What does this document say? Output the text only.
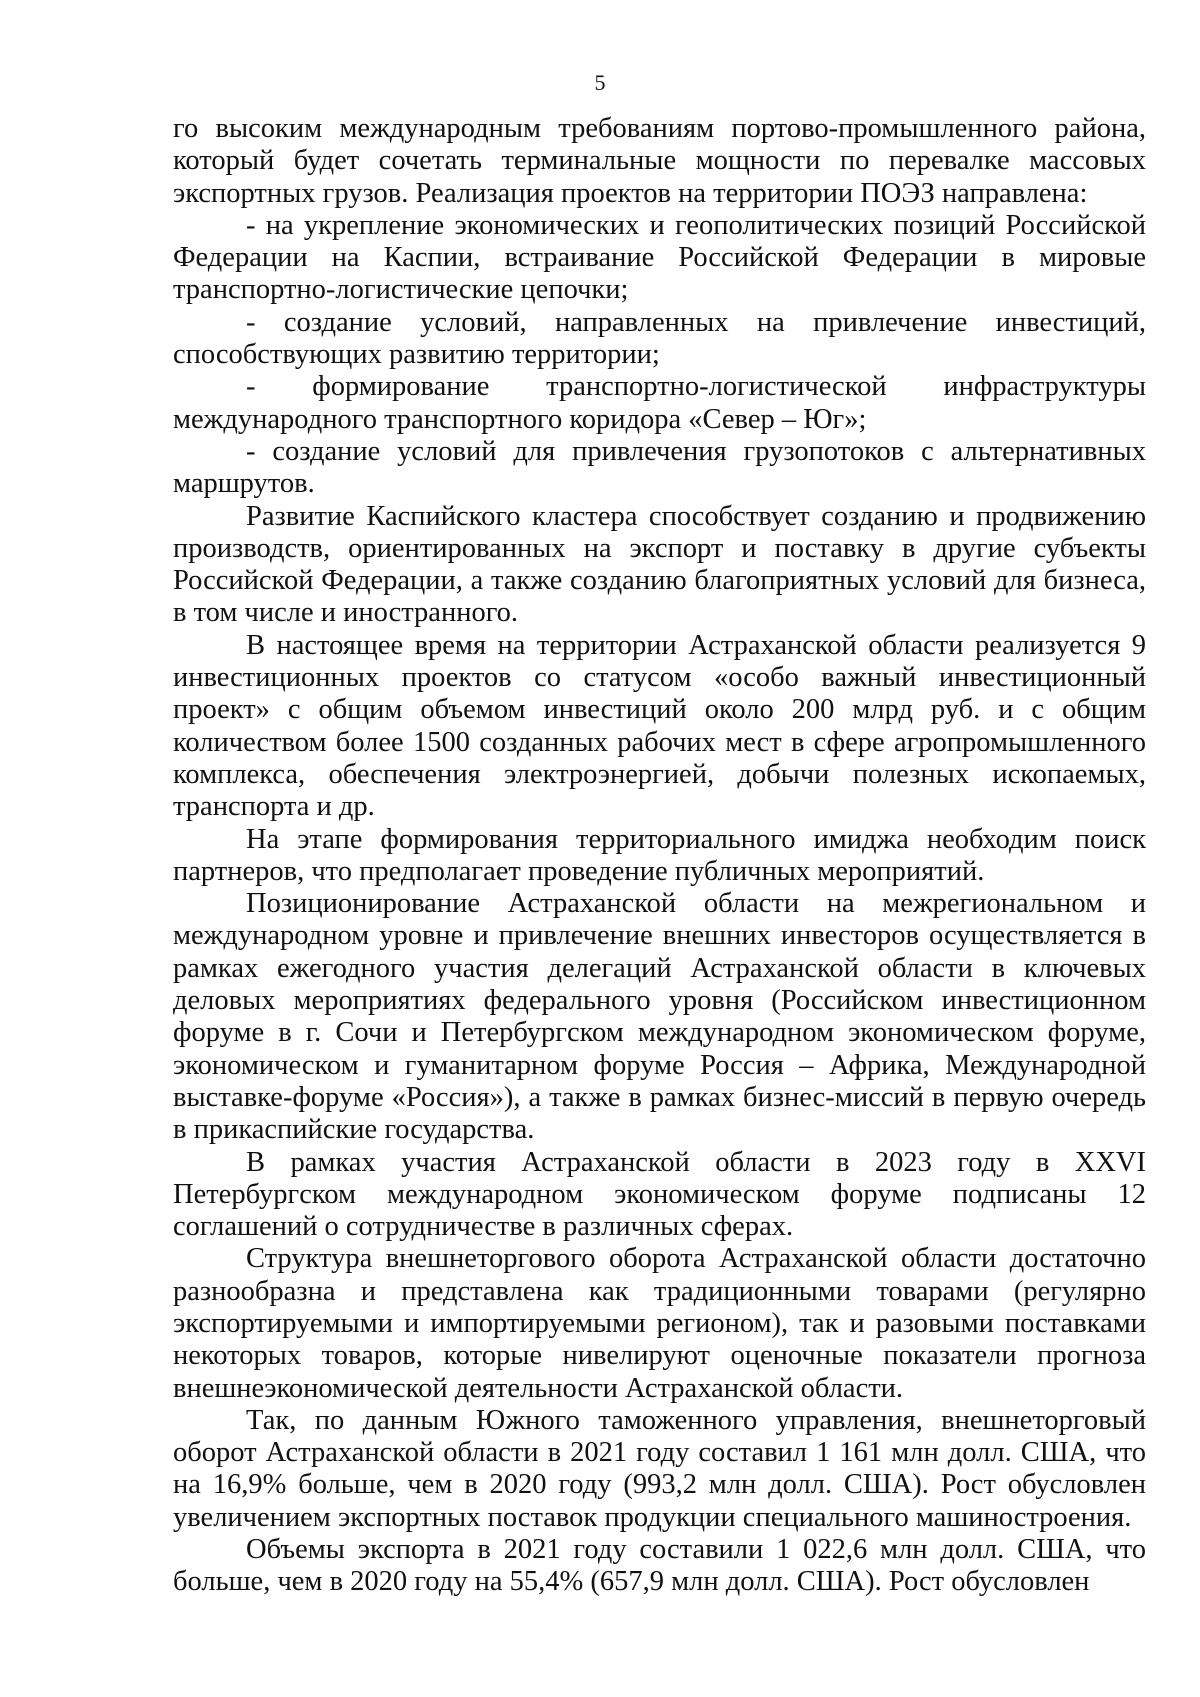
5

го высоким международным требованиям портово-промышленного района, который будет сочетать терминальные мощности по перевалке массовых экспортных грузов. Реализация проектов на территории ПОЭЗ направлена:

- на укрепление экономических и геополитических позиций Российской Федерации на Каспии, встраивание Российской Федерации в мировые транспортно-логистические цепочки;

- создание условий, направленных на привлечение инвестиций, способствующих развитию территории;

- формирование транспортно-логистической инфраструктуры международного транспортного коридора «Север – Юг»;

- создание условий для привлечения грузопотоков с альтернативных маршрутов.

Развитие Каспийского кластера способствует созданию и продвижению производств, ориентированных на экспорт и поставку в другие субъекты Российской Федерации, а также созданию благоприятных условий для бизнеса, в том числе и иностранного.

В настоящее время на территории Астраханской области реализуется 9 инвестиционных проектов со статусом «особо важный инвестиционный проект» с общим объемом инвестиций около 200 млрд руб. и с общим количеством более 1500 созданных рабочих мест в сфере агропромышленного комплекса, обеспечения электроэнергией, добычи полезных ископаемых, транспорта и др.

На этапе формирования территориального имиджа необходим поиск партнеров, что предполагает проведение публичных мероприятий.

Позиционирование Астраханской области на межрегиональном и международном уровне и привлечение внешних инвесторов осуществляется в рамках ежегодного участия делегаций Астраханской области в ключевых деловых мероприятиях федерального уровня (Российском инвестиционном форуме в г. Сочи и Петербургском международном экономическом форуме, экономическом и гуманитарном форуме Россия – Африка, Международной выставке-форуме «Россия»), а также в рамках бизнес-миссий в первую очередь в прикаспийские государства.

В рамках участия Астраханской области в 2023 году в XXVI Петербургском международном экономическом форуме подписаны 12 соглашений о сотрудничестве в различных сферах.

Структура внешнеторгового оборота Астраханской области достаточно разнообразна и представлена как традиционными товарами (регулярно экспортируемыми и импортируемыми регионом), так и разовыми поставками некоторых товаров, которые нивелируют оценочные показатели прогноза внешнеэкономической деятельности Астраханской области.

Так, по данным Южного таможенного управления, внешнеторговый оборот Астраханской области в 2021 году составил 1 161 млн долл. США, что на 16,9% больше, чем в 2020 году (993,2 млн долл. США). Рост обусловлен увеличением экспортных поставок продукции специального машиностроения.

Объемы экспорта в 2021 году составили 1 022,6 млн долл. США, что больше, чем в 2020 году на 55,4% (657,9 млн долл. США). Рост обусловлен
